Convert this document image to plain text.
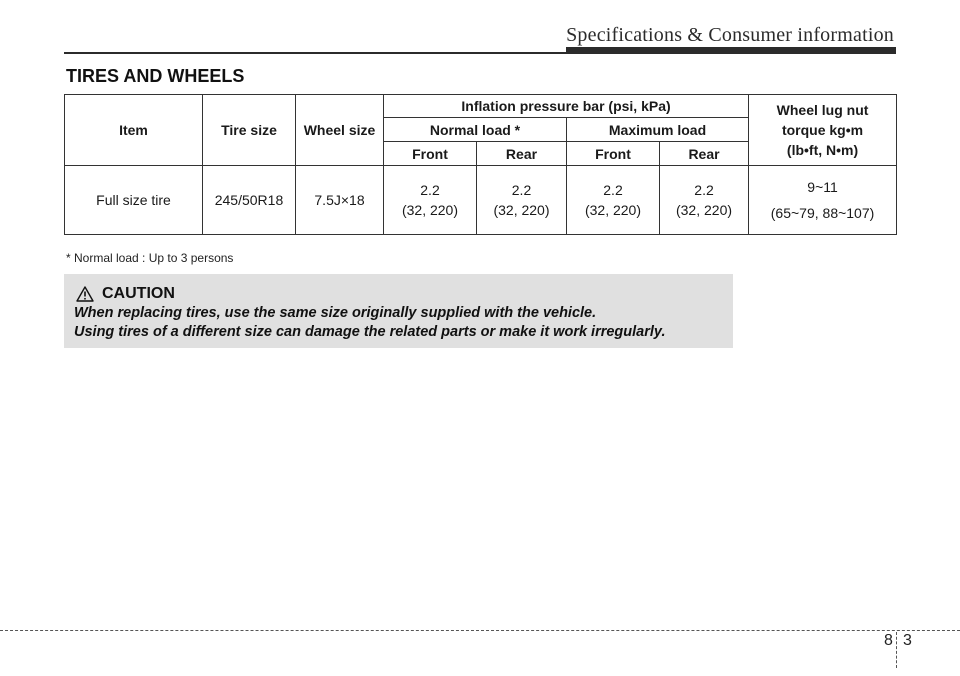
Specifications & Consumer information
TIRES AND WHEELS
Item	Tire size	Wheel size	Inflation pressure bar (psi, kPa)				Wheel lug nut
torque kg•m
(lb•ft, N•m)

			Normal load *		Maximum load		
			Front	Rear	Front	Rear	
Full size tire	245/50R18	7.5J×18	2.2
(32, 220)	2.2
(32, 220)	2.2
(32, 220)	2.2
(32, 220)	9~11
(65~79, 88~107)
* Normal load : Up to 3 persons
CAUTION
When replacing tires, use the same size originally supplied with the vehicle.
Using tires of a different size can damage the related parts or make it work irregularly.
8 3
